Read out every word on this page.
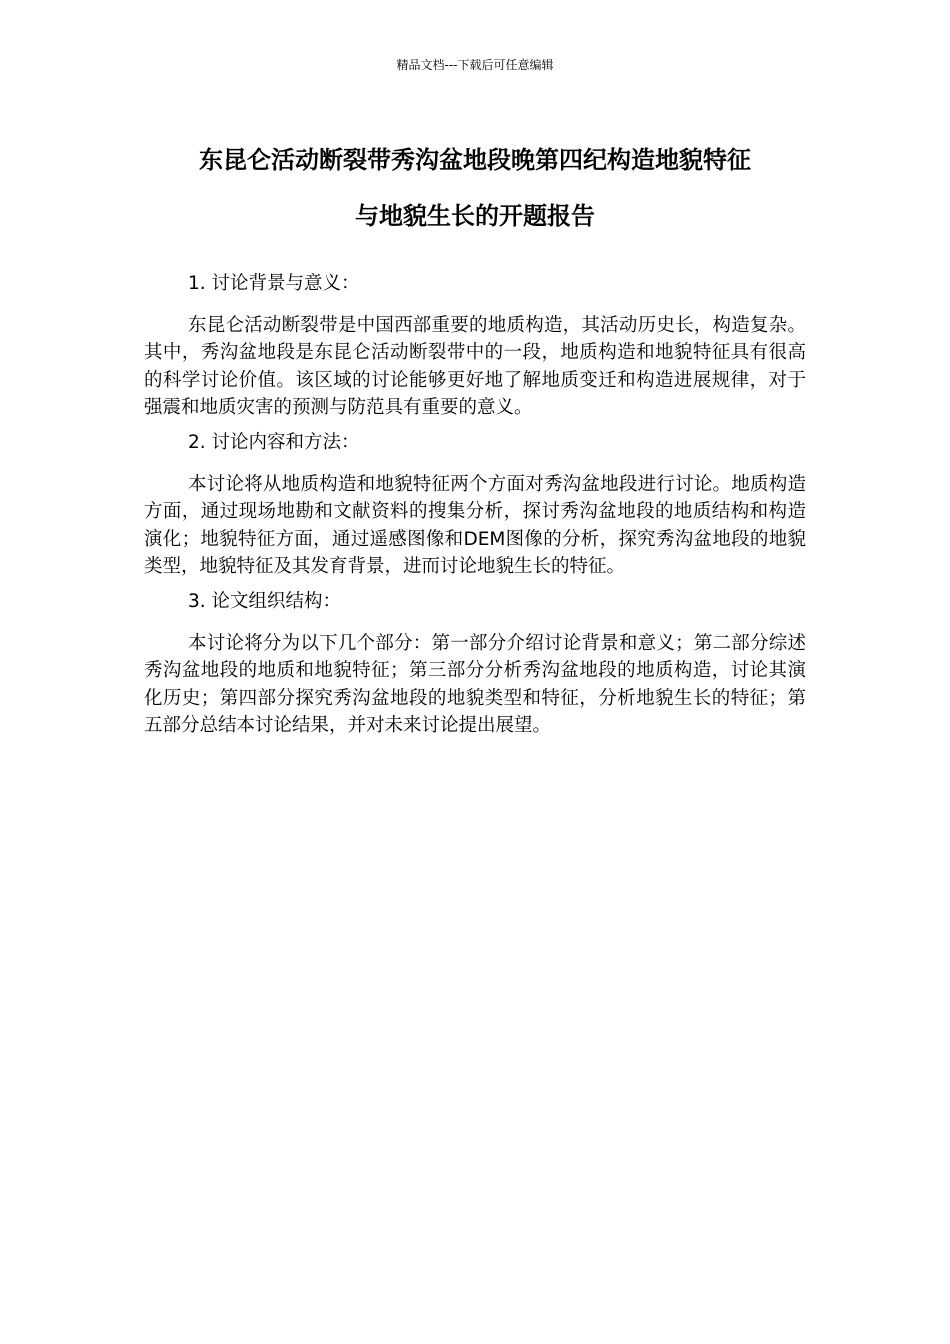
精品文档---下载后可任意编辑
东昆仑活动断裂带秀沟盆地段晚第四纪构造地貌特征
与地貌生长的开题报告

1. 讨论背景与意义：

东昆仑活动断裂带是中国西部重要的地质构造，其活动历史长，构造复杂。其中，秀沟盆地段是东昆仑活动断裂带中的一段，地质构造和地貌特征具有很高的科学讨论价值。该区域的讨论能够更好地了解地质变迁和构造进展规律，对于强震和地质灾害的预测与防范具有重要的意义。

2. 讨论内容和方法：

本讨论将从地质构造和地貌特征两个方面对秀沟盆地段进行讨论。地质构造方面，通过现场地勘和文献资料的搜集分析，探讨秀沟盆地段的地质结构和构造演化；地貌特征方面，通过遥感图像和DEM图像的分析，探究秀沟盆地段的地貌类型，地貌特征及其发育背景，进而讨论地貌生长的特征。

3. 论文组织结构：

本讨论将分为以下几个部分：第一部分介绍讨论背景和意义；第二部分综述秀沟盆地段的地质和地貌特征；第三部分分析秀沟盆地段的地质构造，讨论其演化历史；第四部分探究秀沟盆地段的地貌类型和特征，分析地貌生长的特征；第五部分总结本讨论结果，并对未来讨论提出展望。
